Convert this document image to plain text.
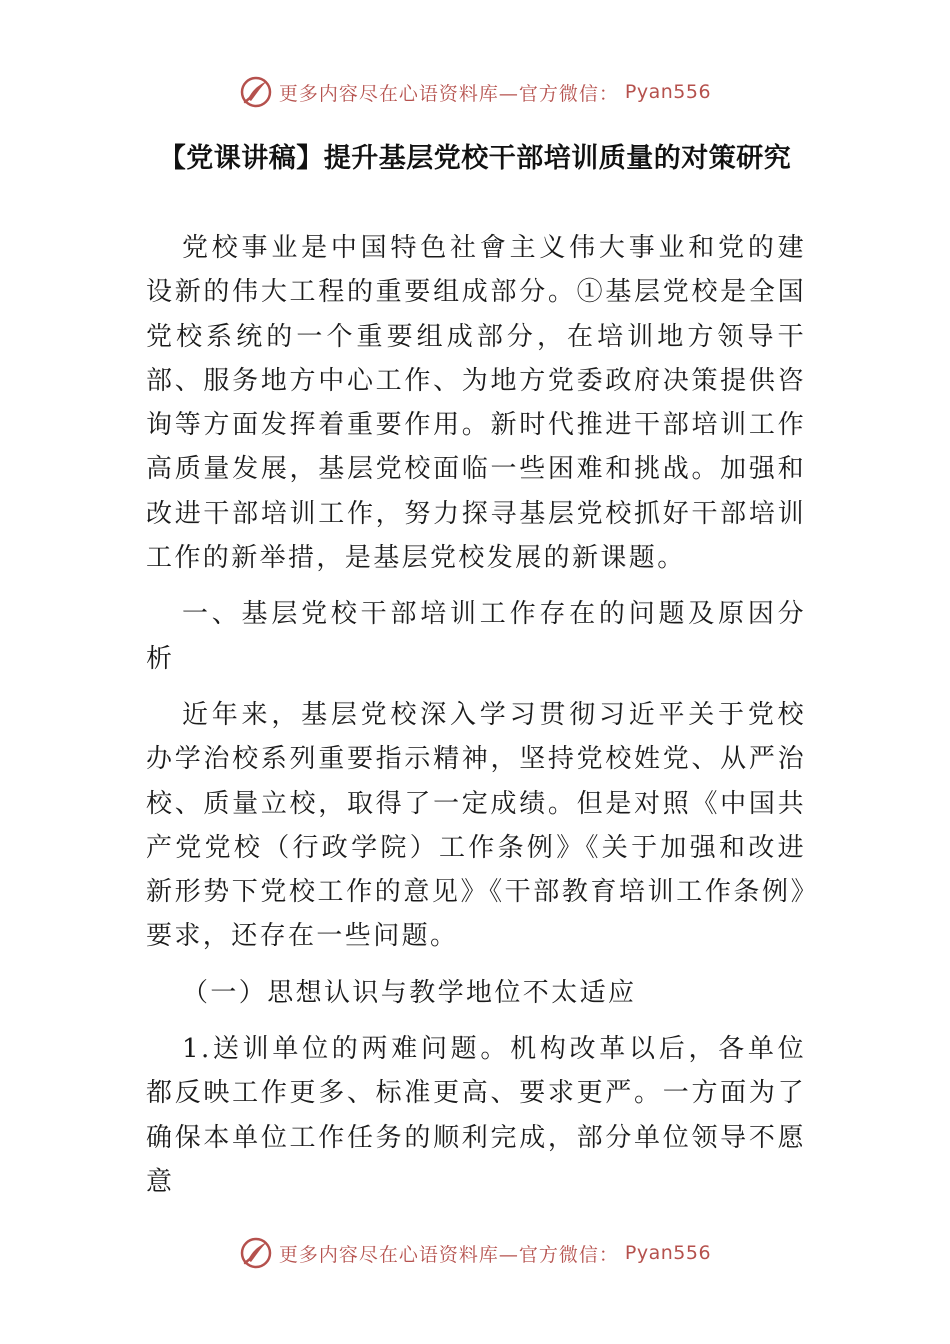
更多内容尽在心语资料库—官方微信： Pyan556
【党课讲稿】提升基层党校干部培训质量的对策研究

党校事业是中国特色社會主义伟大事业和党的建设新的伟大工程的重要组成部分。①基层党校是全国党校系统的一个重要组成部分，在培训地方领导干部、服务地方中心工作、为地方党委政府决策提供咨询等方面发挥着重要作用。新时代推进干部培训工作高质量发展，基层党校面临一些困难和挑战。加强和改进干部培训工作，努力探寻基层党校抓好干部培训工作的新举措，是基层党校发展的新课题。

一、基层党校干部培训工作存在的问题及原因分析

近年来，基层党校深入学习贯彻习近平关于党校办学治校系列重要指示精神，坚持党校姓党、从严治校、质量立校，取得了一定成绩。但是对照《中国共产党党校（行政学院）工作条例》《关于加强和改进新形势下党校工作的意见》《干部教育培训工作条例》要求，还存在一些问题。

（一）思想认识与教学地位不太适应

1.送训单位的两难问题。机构改革以后，各单位都反映工作更多、标准更高、要求更严。一方面为了确保本单位工作任务的顺利完成，部分单位领导不愿意

更多内容尽在心语资料库—官方微信： Pyan556
